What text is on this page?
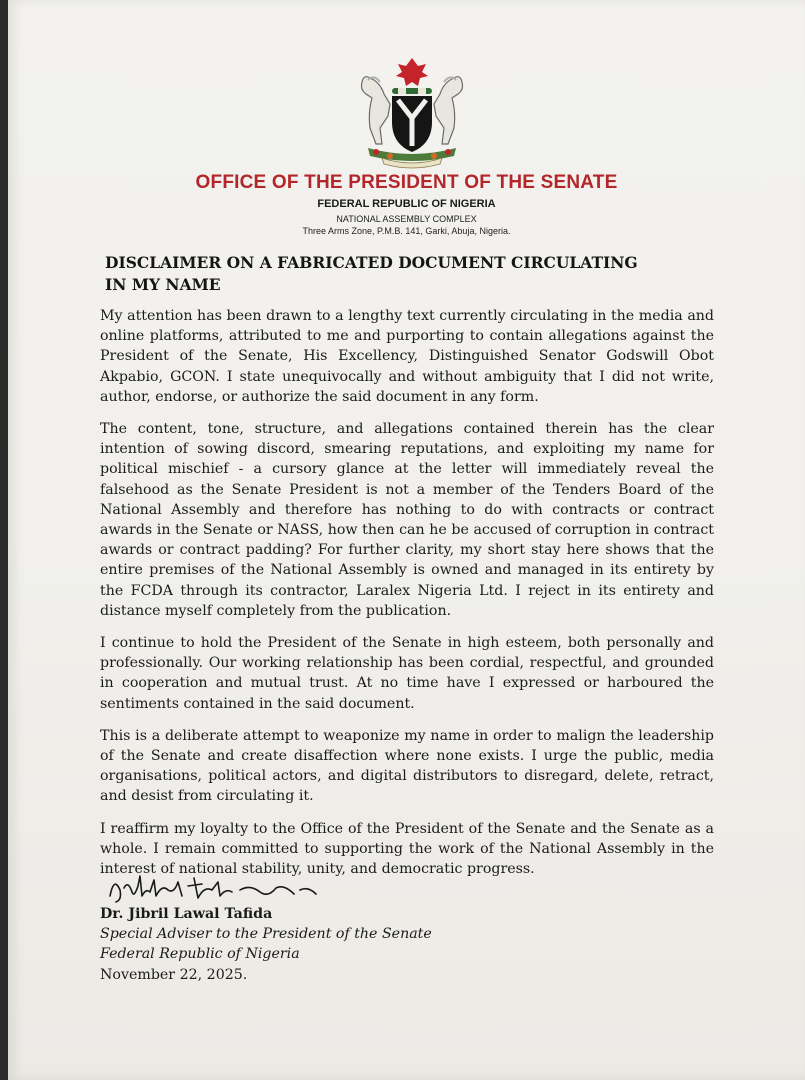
OFFICE OF THE PRESIDENT OF THE SENATE
FEDERAL REPUBLIC OF NIGERIA
NATIONAL ASSEMBLY COMPLEX
Three Arms Zone, P.M.B. 141, Garki, Abuja, Nigeria.
DISCLAIMER ON A FABRICATED DOCUMENT CIRCULATING
IN MY NAME

My attention has been drawn to a lengthy text currently circulating in the media and online platforms, attributed to me and purporting to contain allegations against the President of the Senate, His Excellency, Distinguished Senator Godswill Obot Akpabio, GCON. I state unequivocally and without ambiguity that I did not write, author, endorse, or authorize the said document in any form.

The content, tone, structure, and allegations contained therein has the clear intention of sowing discord, smearing reputations, and exploiting my name for political mischief - a cursory glance at the letter will immediately reveal the falsehood as the Senate President is not a member of the Tenders Board of the National Assembly and therefore has nothing to do with contracts or contract awards in the Senate or NASS, how then can he be accused of corruption in contract awards or contract padding? For further clarity, my short stay here shows that the entire premises of the National Assembly is owned and managed in its entirety by the FCDA through its contractor, Laralex Nigeria Ltd. I reject in its entirety and distance myself completely from the publication.

I continue to hold the President of the Senate in high esteem, both personally and professionally. Our working relationship has been cordial, respectful, and grounded in cooperation and mutual trust. At no time have I expressed or harboured the sentiments contained in the said document.

This is a deliberate attempt to weaponize my name in order to malign the leadership of the Senate and create disaffection where none exists. I urge the public, media organisations, political actors, and digital distributors to disregard, delete, retract, and desist from circulating it.

I reaffirm my loyalty to the Office of the President of the Senate and the Senate as a whole. I remain committed to supporting the work of the National Assembly in the interest of national stability, unity, and democratic progress.

Dr. Jibril Lawal Tafida
Special Adviser to the President of the Senate
Federal Republic of Nigeria
November 22, 2025.
